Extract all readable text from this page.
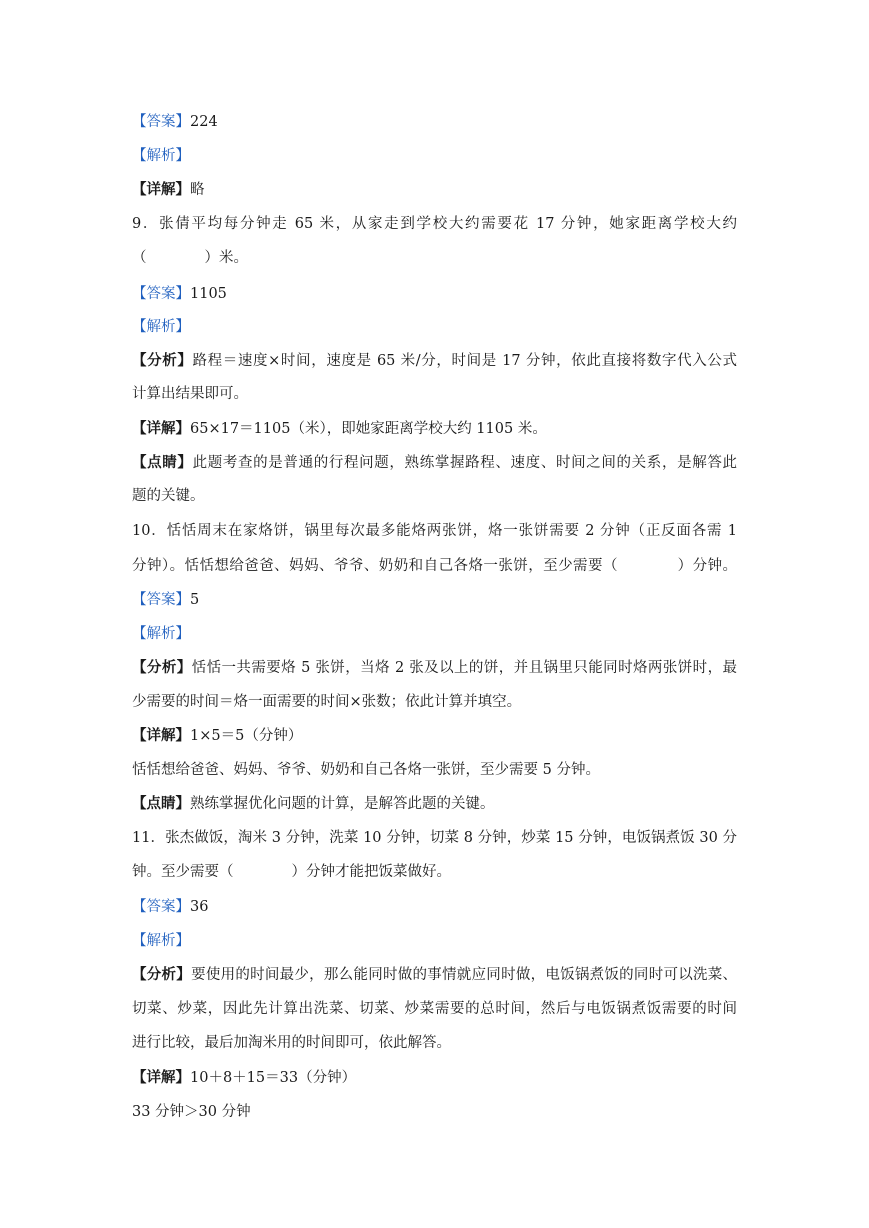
【答案】224
【解析】
【详解】略
9．张倩平均每分钟走 65 米，从家走到学校大约需要花 17 分钟，她家距离学校大约
（　　　　）米。
【答案】1105
【解析】
【分析】路程＝速度×时间，速度是 65 米/分，时间是 17 分钟，依此直接将数字代入公式
计算出结果即可。
【详解】65×17＝1105（米），即她家距离学校大约 1105 米。
【点睛】此题考查的是普通的行程问题，熟练掌握路程、速度、时间之间的关系，是解答此
题的关键。
10．恬恬周末在家烙饼，锅里每次最多能烙两张饼，烙一张饼需要 2 分钟（正反面各需 1
分钟）。恬恬想给爸爸、妈妈、爷爷、奶奶和自己各烙一张饼，至少需要（　　　　）分钟。
【答案】5
【解析】
【分析】恬恬一共需要烙 5 张饼，当烙 2 张及以上的饼，并且锅里只能同时烙两张饼时，最
少需要的时间＝烙一面需要的时间×张数；依此计算并填空。
【详解】1×5＝5（分钟）
恬恬想给爸爸、妈妈、爷爷、奶奶和自己各烙一张饼，至少需要 5 分钟。
【点睛】熟练掌握优化问题的计算，是解答此题的关键。
11．张杰做饭，淘米 3 分钟，洗菜 10 分钟，切菜 8 分钟，炒菜 15 分钟，电饭锅煮饭 30 分
钟。至少需要（　　　　）分钟才能把饭菜做好。
【答案】36
【解析】
【分析】要使用的时间最少，那么能同时做的事情就应同时做，电饭锅煮饭的同时可以洗菜、
切菜、炒菜，因此先计算出洗菜、切菜、炒菜需要的总时间，然后与电饭锅煮饭需要的时间
进行比较，最后加淘米用的时间即可，依此解答。
【详解】10＋8＋15＝33（分钟）
33 分钟＞30 分钟
